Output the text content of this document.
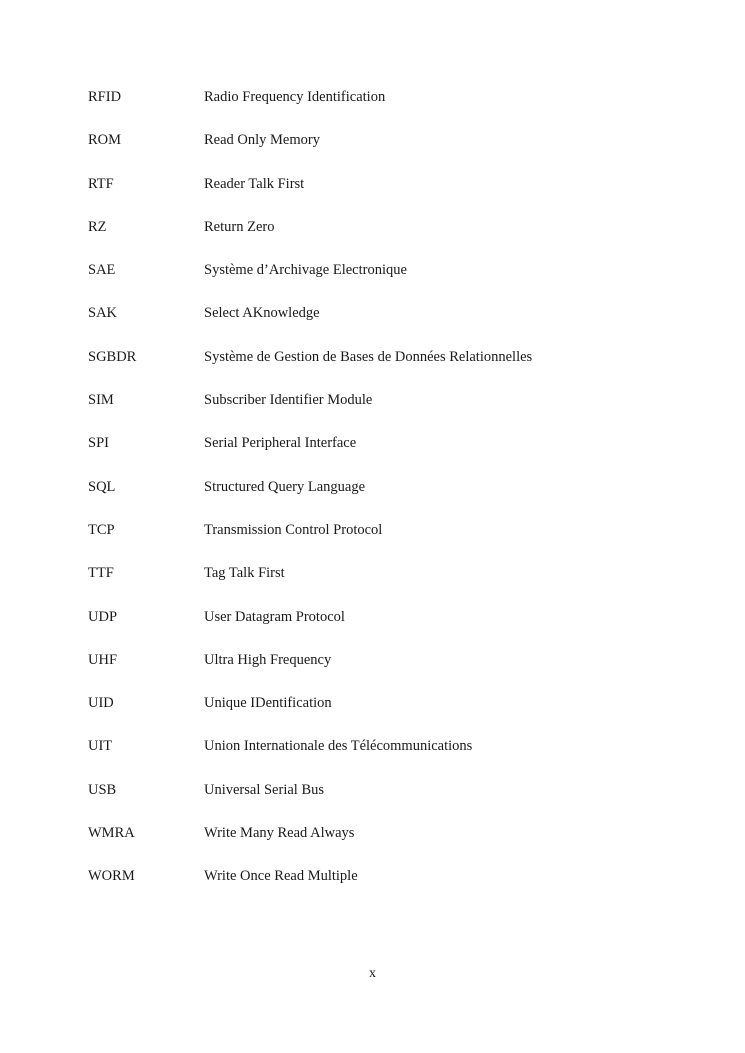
RFID	Radio Frequency Identification
ROM	Read Only Memory
RTF	Reader Talk First
RZ	Return Zero
SAE	Système d’Archivage Electronique
SAK	Select AKnowledge
SGBDR	Système de Gestion de Bases de Données Relationnelles
SIM	Subscriber Identifier Module
SPI	Serial Peripheral Interface
SQL	Structured Query Language
TCP	Transmission Control Protocol
TTF	Tag Talk First
UDP	User Datagram Protocol
UHF	Ultra High Frequency
UID	Unique IDentification
UIT	Union Internationale des Télécommunications
USB	Universal Serial Bus
WMRA	Write Many Read Always
WORM	Write Once Read Multiple
x
